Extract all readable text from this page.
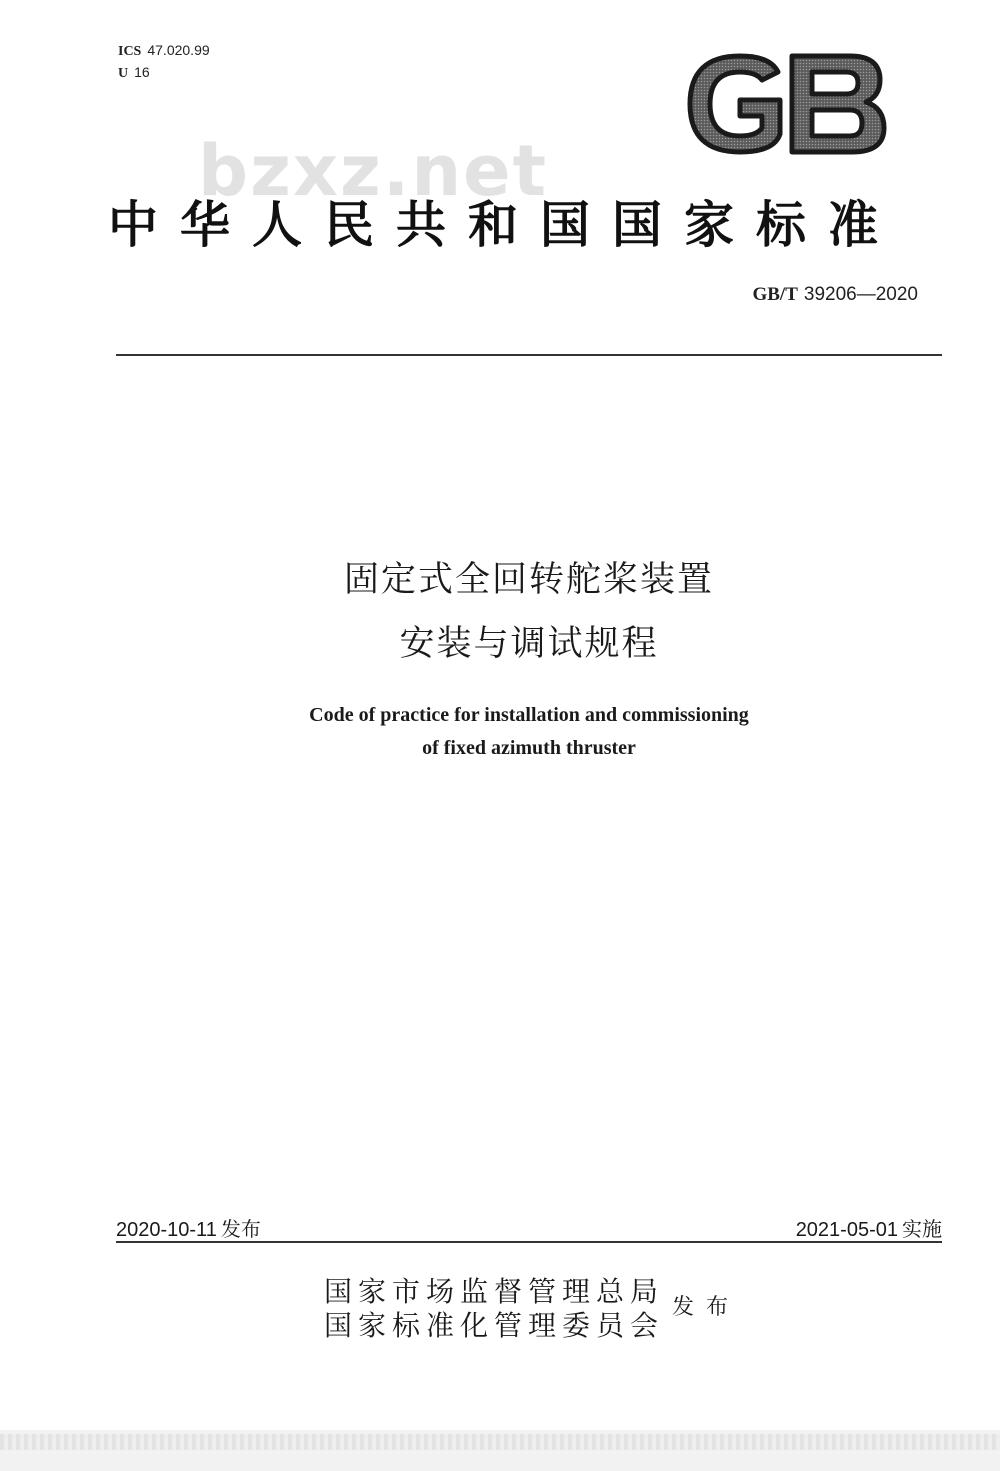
ICS 47.020.99
U 16
bzxz.net
中华人民共和国国家标准
GB/T 39206—2020
固定式全回转舵桨装置
安装与调试规程
Code of practice for installation and commissioning
of fixed azimuth thruster
2020-10-11 发布	2021-05-01 实施
国家市场监督管理总局
国家标准化管理委员会
发布
